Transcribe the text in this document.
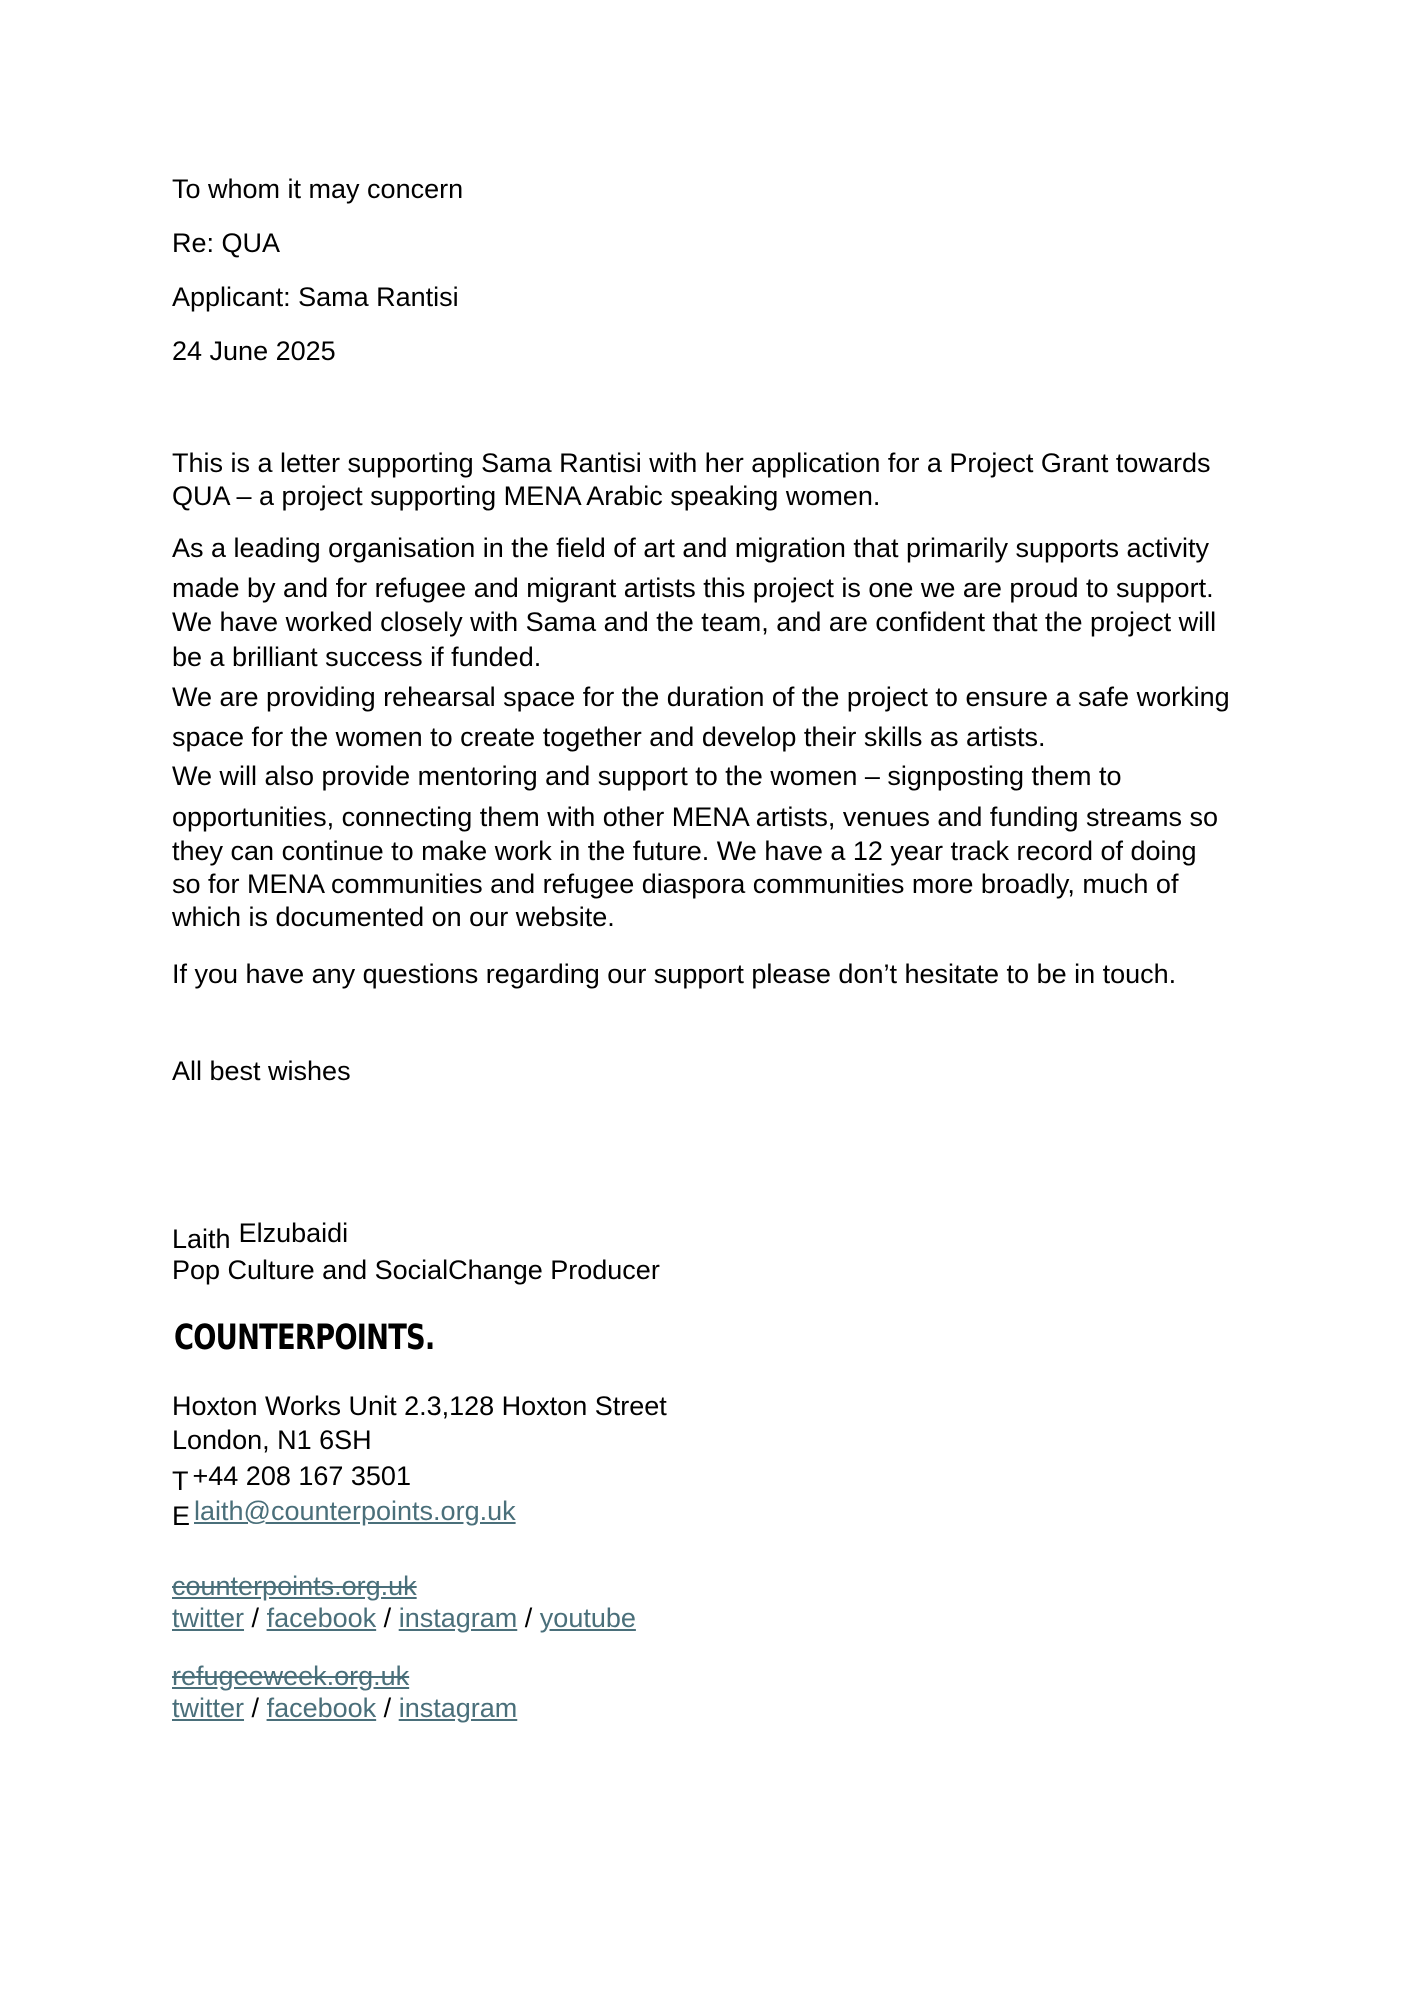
To whom it may concern

Re: QUA

Applicant: Sama Rantisi

24 June 2025

This is a letter supporting Sama Rantisi with her application for a Project Grant towards
QUA – a project supporting MENA Arabic speaking women.
As a leading organisation in the field of art and migration that primarily supports activity
made by and for refugee and migrant artists this project is one we are proud to support.
We have worked closely with Sama and the team, and are confident that the project will
be a brilliant success if funded.
We are providing rehearsal space for the duration of the project to ensure a safe working
space for the women to create together and develop their skills as artists.
We will also provide mentoring and support to the women – signposting them to
opportunities, connecting them with other MENA artists, venues and funding streams so
they can continue to make work in the future. We have a 12 year track record of doing
so for MENA communities and refugee diaspora communities more broadly, much of
which is documented on our website.

If you have any questions regarding our support please don’t hesitate to be in touch.

All best wishes

Laith Elzubaidi

Pop Culture and SocialChange Producer

COUNTERPOINTS.

Hoxton Works Unit 2.3,128 Hoxton Street

London, N1 6SH

T +44 208 167 3501

E laith@counterpoints.org.uk

counterpoints.org.uk

twitter / facebook / instagram / youtube

refugeeweek.org.uk

twitter / facebook / instagram
